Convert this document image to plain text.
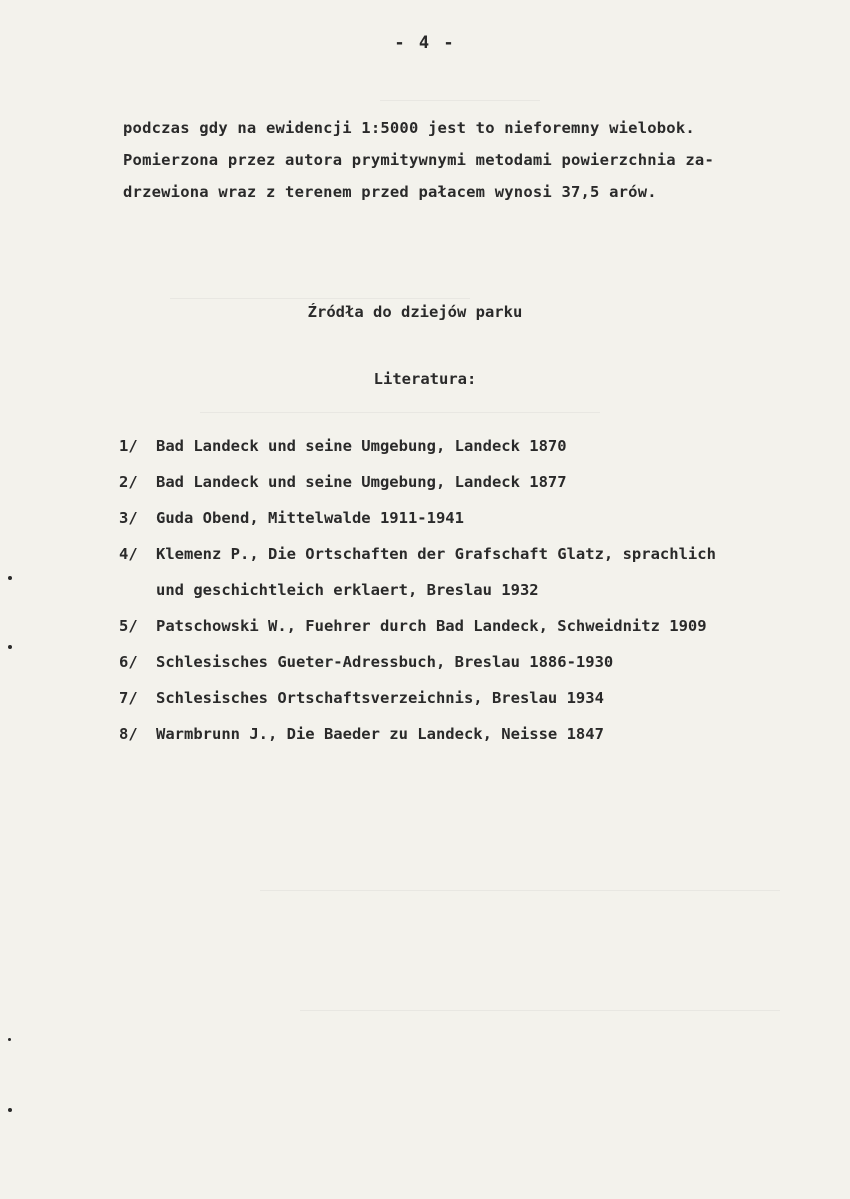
- 4 -
podczas gdy na ewidencji 1:5000 jest to nieforemny wielobok.
Pomierzona przez autora prymitywnymi metodami powierzchnia za-
drzewiona wraz z terenem przed pałacem wynosi 37,5 arów.
Źródła do dziejów parku
Literatura:
1/ Bad Landeck und seine Umgebung, Landeck 1870
2/ Bad Landeck und seine Umgebung, Landeck 1877
3/ Guda Obend, Mittelwalde 1911-1941
4/ Klemenz P., Die Ortschaften der Grafschaft Glatz, sprachlich
und geschichtleich erklaert, Breslau 1932
5/ Patschowski W., Fuehrer durch Bad Landeck, Schweidnitz 1909
6/ Schlesisches Gueter-Adressbuch, Breslau 1886-1930
7/ Schlesisches Ortschaftsverzeichnis, Breslau 1934
8/ Warmbrunn J., Die Baeder zu Landeck, Neisse 1847
